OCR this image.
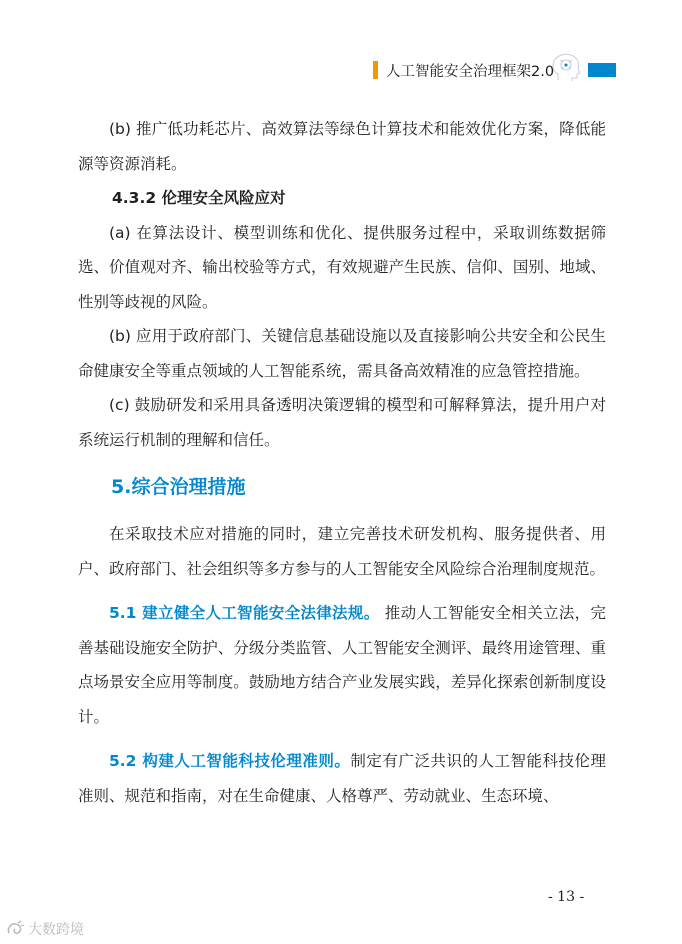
人工智能安全治理框架2.0

(b) 推广低功耗芯片、高效算法等绿色计算技术和能效优化方案，降低能源等资源消耗。

4.3.2 伦理安全风险应对

(a) 在算法设计、模型训练和优化、提供服务过程中，采取训练数据筛选、价值观对齐、输出校验等方式，有效规避产生民族、信仰、国别、地域、性别等歧视的风险。

(b) 应用于政府部门、关键信息基础设施以及直接影响公共安全和公民生命健康安全等重点领域的人工智能系统，需具备高效精准的应急管控措施。

(c) 鼓励研发和采用具备透明决策逻辑的模型和可解释算法，提升用户对系统运行机制的理解和信任。

5.综合治理措施

在采取技术应对措施的同时，建立完善技术研发机构、服务提供者、用户、政府部门、社会组织等多方参与的人工智能安全风险综合治理制度规范。

5.1 建立健全人工智能安全法律法规。 推动人工智能安全相关立法，完善基础设施安全防护、分级分类监管、人工智能安全测评、最终用途管理、重点场景安全应用等制度。鼓励地方结合产业发展实践，差异化探索创新制度设计。

5.2 构建人工智能科技伦理准则。制定有广泛共识的人工智能科技伦理准则、规范和指南，对在生命健康、人格尊严、劳动就业、生态环境、

- 13 -
大数跨境
